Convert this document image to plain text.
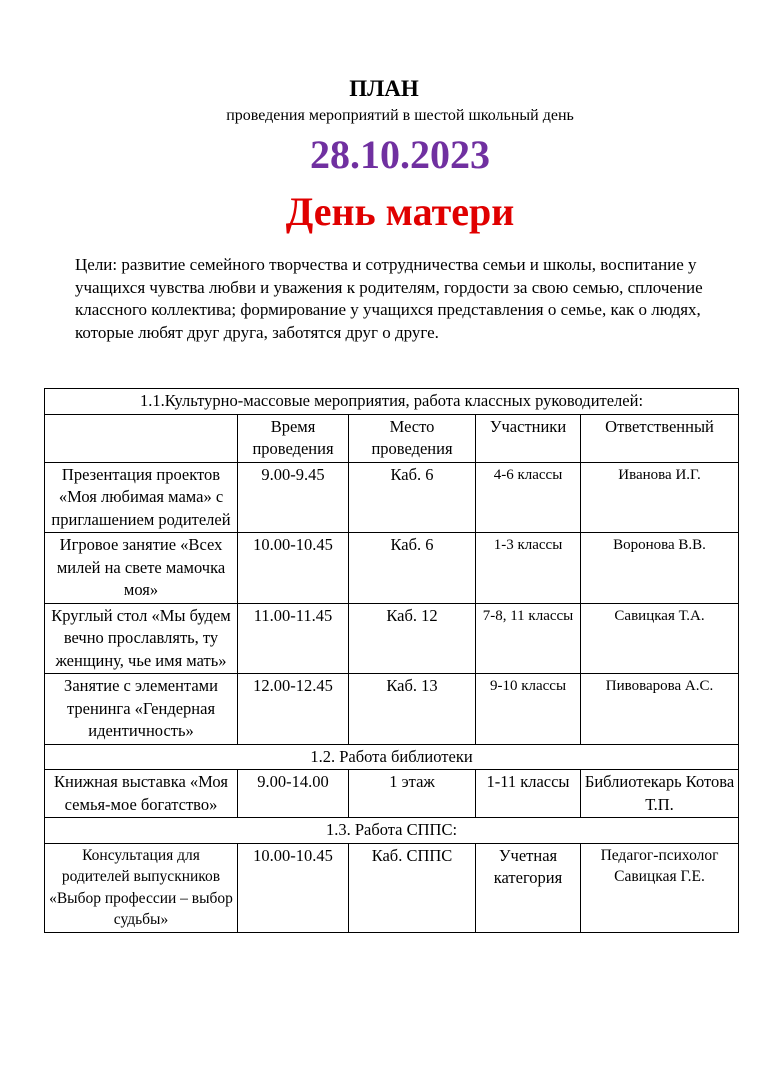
ПЛАН
проведения мероприятий в шестой школьный день
28.10.2023
День матери
Цели: развитие семейного творчества и сотрудничества семьи и школы, воспитание у учащихся чувства любви и уважения к родителям, гордости за свою семью, сплочение классного коллектива; формирование у учащихся представления о семье, как о людях, которые любят друг друга, заботятся друг о друге.
1.1.Культурно-массовые мероприятия, работа классных руководителей:				
	Время проведения	Место проведения	Участники	Ответственный
Презентация проектов «Моя любимая мама» с приглашением родителей	9.00-9.45	Каб. 6	4-6 классы	Иванова И.Г.
Игровое занятие «Всех милей на свете мамочка моя»	10.00-10.45	Каб. 6	1-3 классы	Воронова В.В.
Круглый стол «Мы будем вечно прославлять, ту женщину, чье имя мать»	11.00-11.45	Каб. 12	7-8, 11 классы	Савицкая Т.А.
Занятие с элементами тренинга «Гендерная идентичность»	12.00-12.45	Каб. 13	9-10 классы	Пивоварова А.С.
1.2. Работа библиотеки				
Книжная выставка «Моя семья-мое богатство»	9.00-14.00	1 этаж	1-11 классы	Библиотекарь Котова Т.П.
1.3. Работа СППС:				
Консультация для родителей выпускников «Выбор профессии – выбор судьбы»	10.00-10.45	Каб. СППС	Учетная категория	Педагог-психолог Савицкая Г.Е.
